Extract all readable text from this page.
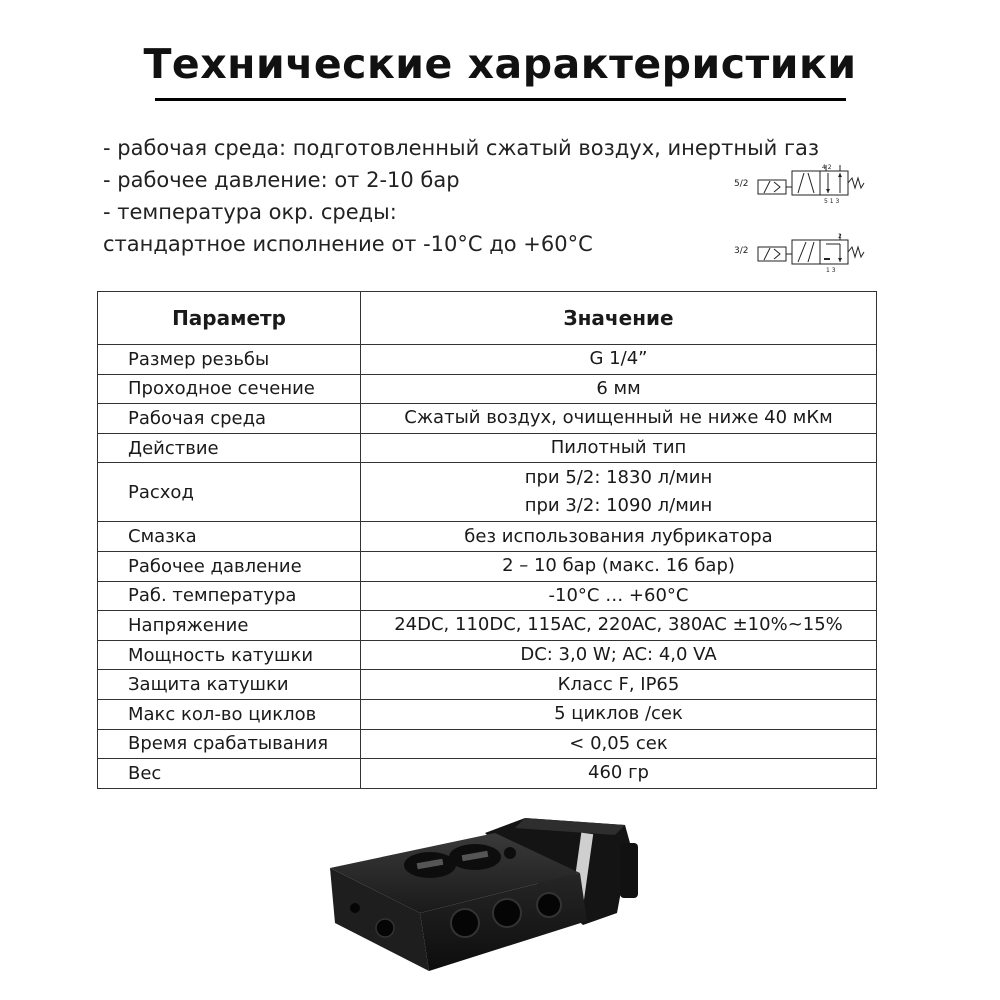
Технические характеристики
- рабочая среда: подготовленный сжатый воздух, инертный газ
- рабочее давление: от 2-10 бар
- температура окр. среды:
стандартное исполнение от -10°C до +60°C
5/2
4 2
5 1 3
3/2
2
1 3
Параметр	Значение

Размер резьбы	G 1/4”

Проходное сечение	6 мм

Рабочая среда	Сжатый воздух, очищенный не ниже 40 мКм

Действие	Пилотный тип

Расход	при 5/2: 1830 л/мин
при 3/2: 1090 л/мин

Смазка	без использования лубрикатора

Рабочее давление	2 – 10 бар (макс. 16 бар)

Раб. температура	-10°C … +60°C

Напряжение	24DC, 110DC, 115AC, 220AC, 380AC ±10%~15%

Мощность катушки	DC: 3,0 W; AC: 4,0 VA

Защита катушки	Класс F, IP65

Макс кол-во циклов	5 циклов /сек

Время срабатывания	< 0,05 сек

Вес	460 гр
